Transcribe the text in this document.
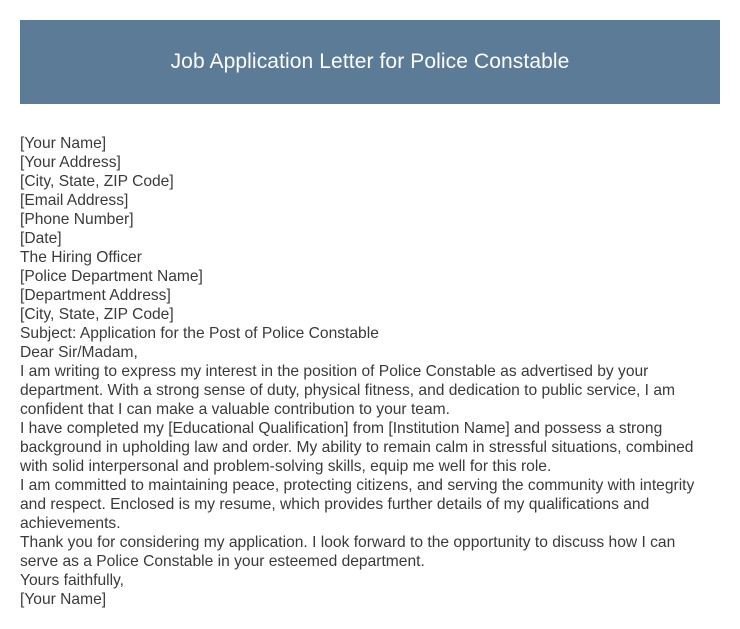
Job Application Letter for Police Constable
[Your Name]
[Your Address]
[City, State, ZIP Code]
[Email Address]
[Phone Number]
[Date]
The Hiring Officer
[Police Department Name]
[Department Address]
[City, State, ZIP Code]
Subject: Application for the Post of Police Constable
Dear Sir/Madam,
I am writing to express my interest in the position of Police Constable as advertised by your
department. With a strong sense of duty, physical fitness, and dedication to public service, I am
confident that I can make a valuable contribution to your team.
I have completed my [Educational Qualification] from [Institution Name] and possess a strong
background in upholding law and order. My ability to remain calm in stressful situations, combined
with solid interpersonal and problem-solving skills, equip me well for this role.
I am committed to maintaining peace, protecting citizens, and serving the community with integrity
and respect. Enclosed is my resume, which provides further details of my qualifications and
achievements.
Thank you for considering my application. I look forward to the opportunity to discuss how I can
serve as a Police Constable in your esteemed department.
Yours faithfully,
[Your Name]
